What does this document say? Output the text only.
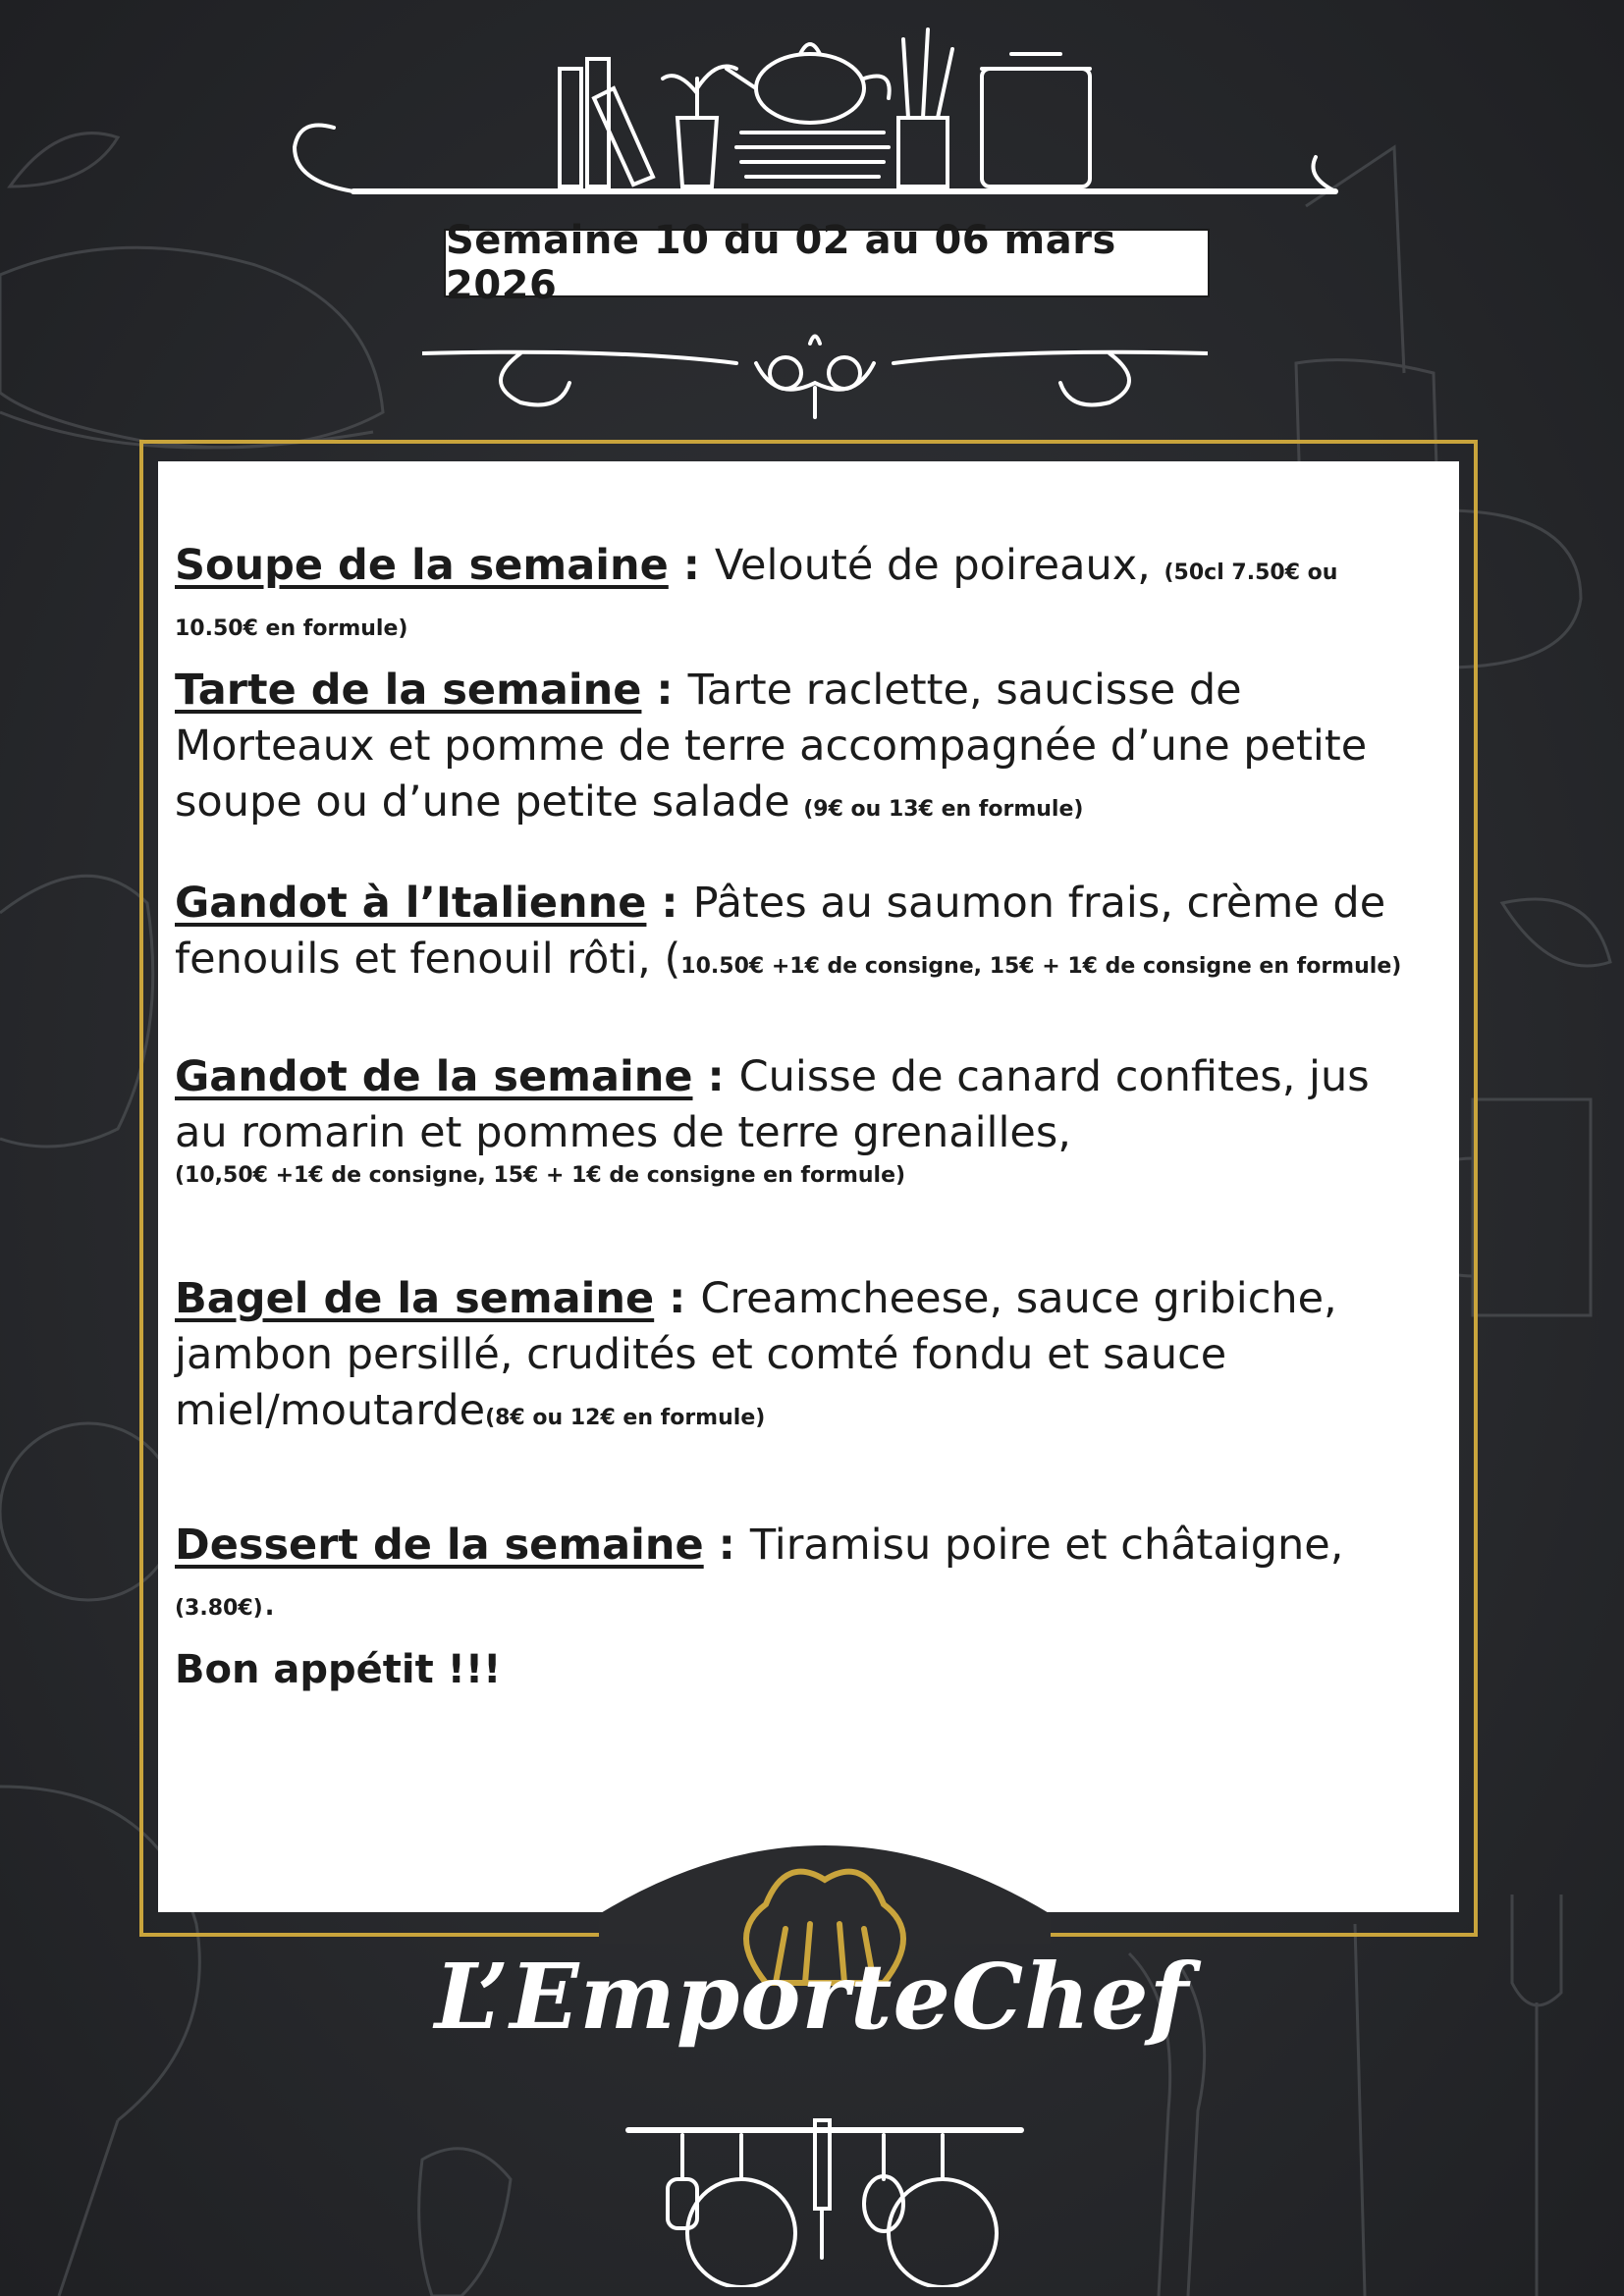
Semaine 10 du 02 au 06 mars 2026
Soupe de la semaine : Velouté de poireaux, (50cl 7.50€ ou 10.50€ en formule)
Tarte de la semaine : Tarte raclette, saucisse de Morteaux et pomme de terre accompagnée d’une petite soupe ou d’une petite salade (9€ ou 13€ en formule)
Gandot à l’Italienne : Pâtes au saumon frais, crème de fenouils et fenouil rôti, (10.50€ +1€ de consigne, 15€ + 1€ de consigne en formule)
Gandot de la semaine : Cuisse de canard confites, jus au romarin et pommes de terre grenailles,
(10,50€ +1€ de consigne, 15€ + 1€ de consigne en formule)
Bagel de la semaine : Creamcheese, sauce gribiche, jambon persillé, crudités et comté fondu et sauce miel/moutarde(8€ ou 12€ en formule)
Dessert de la semaine : Tiramisu poire et châtaigne, (3.80€).
Bon appétit !!!
L’EmporteChef
